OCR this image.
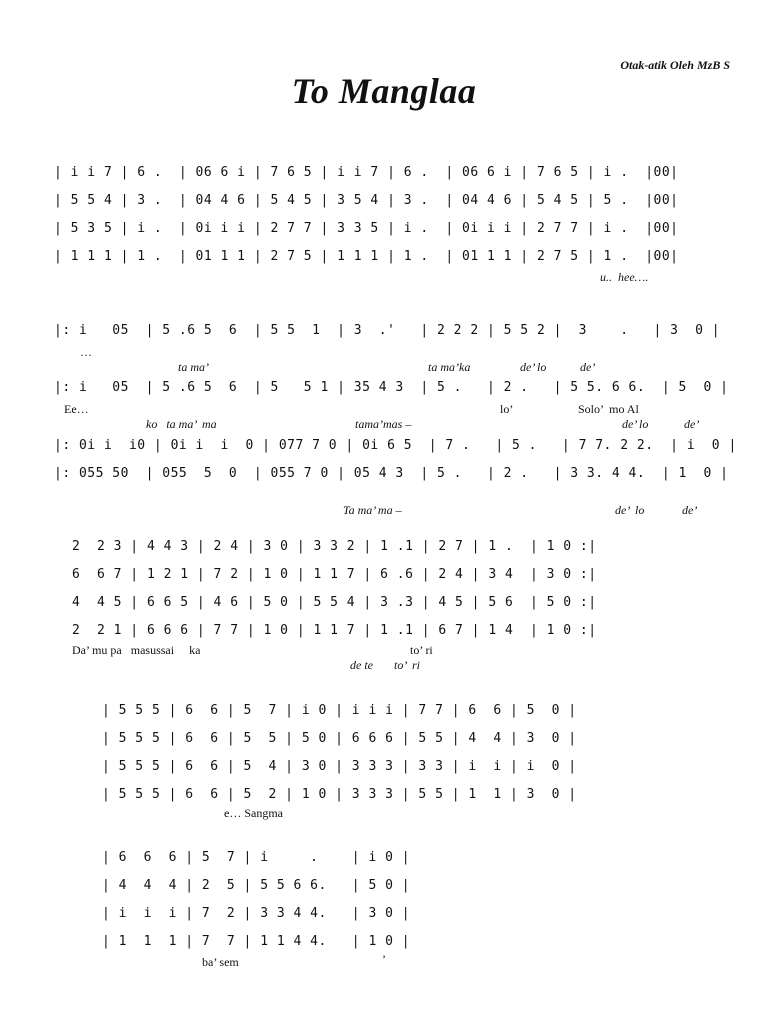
Otak-atik Oleh MzB S
To Manglaa
| i i 7 | 6 .  | 06 6 i | 7 6 5 | i i 7 | 6 .  | 06 6 i | 7 6 5 | i .  |00|
| 5 5 4 | 3 .  | 04 4 6 | 5 4 5 | 3 5 4 | 3 .  | 04 4 6 | 5 4 5 | 5 .  |00|
| 5 3 5 | i .  | 0i i i | 2 7 7 | 3 3 5 | i .  | 0i i i | 2 7 7 | i .  |00|
| 1 1 1 | 1 .  | 01 1 1 | 2 7 5 | 1 1 1 | 1 .  | 01 1 1 | 2 7 5 | 1 .  |00|
u..  hee….
|: i   05  | 5 .6 5  6  | 5 5  1  | 3  .'   | 2 2 2 | 5 5 2 |  3    .   | 3  0 |
…
ta ma’	ta ma’ka	de’ lo	de’
|: i   05  | 5 .6 5  6  | 5   5 1 | 35 4 3  | 5 .   | 2 .   | 5 5. 6 6.  | 5  0 |
Ee…	lo’	Solo’  mo Al
ko   ta ma’  ma	tama’mas –	de’ lo	de’
|: 0i i  i0 | 0i i  i  0 | 077 7 0 | 0i 6 5  | 7 .   | 5 .   | 7 7. 2 2.  | i  0 |
|: 055 50  | 055  5  0  | 055 7 0 | 05 4 3  | 5 .   | 2 .   | 3 3. 4 4.  | 1  0 |
Ta ma’ ma –	de’  lo	de’
2  2 3 | 4 4 3 | 2 4 | 3 0 | 3 3 2 | 1 .1 | 2 7 | 1 .  | 1 0 :|
6  6 7 | 1 2 1 | 7 2 | 1 0 | 1 1 7 | 6 .6 | 2 4 | 3 4  | 3 0 :|
4  4 5 | 6 6 5 | 4 6 | 5 0 | 5 5 4 | 3 .3 | 4 5 | 5 6  | 5 0 :|
2  2 1 | 6 6 6 | 7 7 | 1 0 | 1 1 7 | 1 .1 | 6 7 | 1 4  | 1 0 :|
Da’ mu pa   masussai     ka	to’ ri
de te       to’  ri
| 5 5 5 | 6  6 | 5  7 | i 0 | i i i | 7 7 | 6  6 | 5  0 |
| 5 5 5 | 6  6 | 5  5 | 5 0 | 6 6 6 | 5 5 | 4  4 | 3  0 |
| 5 5 5 | 6  6 | 5  4 | 3 0 | 3 3 3 | 3 3 | i  i | i  0 |
| 5 5 5 | 6  6 | 5  2 | 1 0 | 3 3 3 | 5 5 | 1  1 | 3  0 |
e… Sangma
| 6  6  6 | 5  7 | i     .    | i 0 |
| 4  4  4 | 2  5 | 5 5 6 6.   | 5 0 |
| i  i  i | 7  2 | 3 3 4 4.   | 3 0 |
| 1  1  1 | 7  7 | 1 1 4 4.   | 1 0 |
ba’ sem	’
